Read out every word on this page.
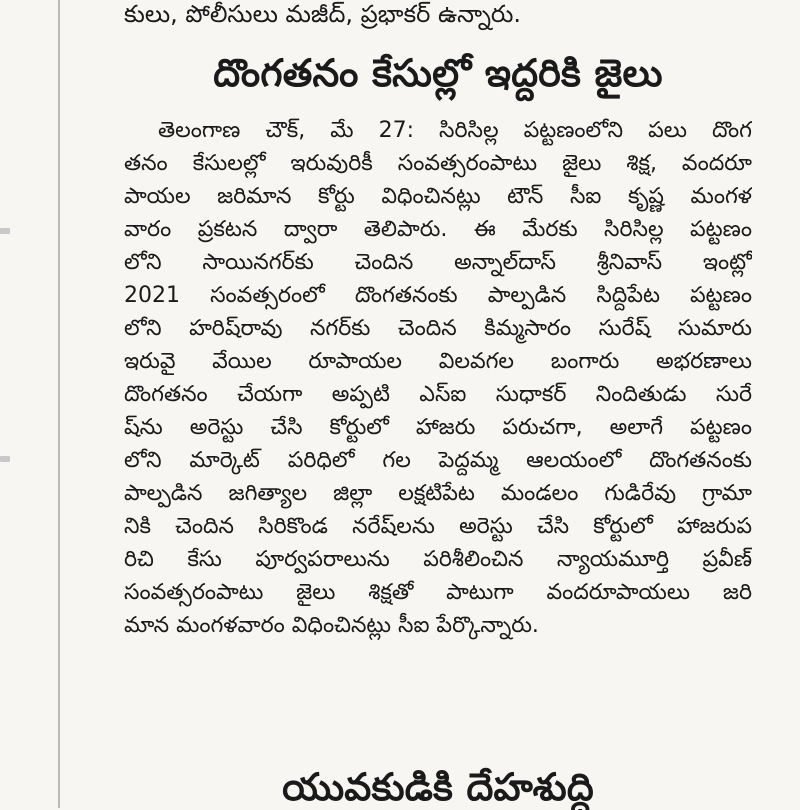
కులు, పోలీసులు మజీద్, ప్రభాకర్ ఉన్నారు.

దొంగతనం కేసుల్లో ఇద్దరికి జైలు
తెలంగాణ చౌక్, మే 27: సిరిసిల్ల పట్టణంలోని పలు దొంగ
తనం కేసులల్లో ఇరువురికీ సంవత్సరంపాటు జైలు శిక్ష, వందరూ
పాయల జరిమాన కోర్టు విధించినట్లు టౌన్ సీఐ కృష్ణ మంగళ
వారం ప్రకటన ద్వారా తెలిపారు. ఈ మేరకు సిరిసిల్ల పట్టణం
లోని సాయినగర్‌కు చెందిన అన్నాల్‌దాస్ శ్రీనివాస్ ఇంట్లో
2021 సంవత్సరంలో దొంగతనంకు పాల్పడిన సిద్దిపేట పట్టణం
లోని హరిష్‌రావు నగర్‌కు చెందిన కిమ్మసారం సురేష్ సుమారు
ఇరువై వేయిల రూపాయల విలవగల బంగారు అభరణాలు
దొంగతనం చేయగా అప్పటి ఎస్ఐ సుధాకర్ నిందితుడు సురే
ష్‌ను అరెస్టు చేసి కోర్టులో హాజరు పరుచగా, అలాగే పట్టణం
లోని మార్కెట్ పరిధిలో గల పెద్దమ్మ ఆలయంలో దొంగతనంకు
పాల్పడిన జగిత్యాల జిల్లా లక్షటిపేట మండలం గుడిరేవు గ్రామా
నికి చెందిన సిరికొండ నరేష్‌లను అరెస్టు చేసి కోర్టులో హాజరుప
రిచి కేసు పూర్వపరాలును పరిశీలించిన న్యాయమూర్తి ప్రవీణ్
సంవత్సరంపాటు జైలు శిక్షతో పాటుగా వందరూపాయలు జరి
మాన మంగళవారం విధించినట్లు సీఐ పేర్కొన్నారు.
యువకుడికి దేహశుద్ధి
